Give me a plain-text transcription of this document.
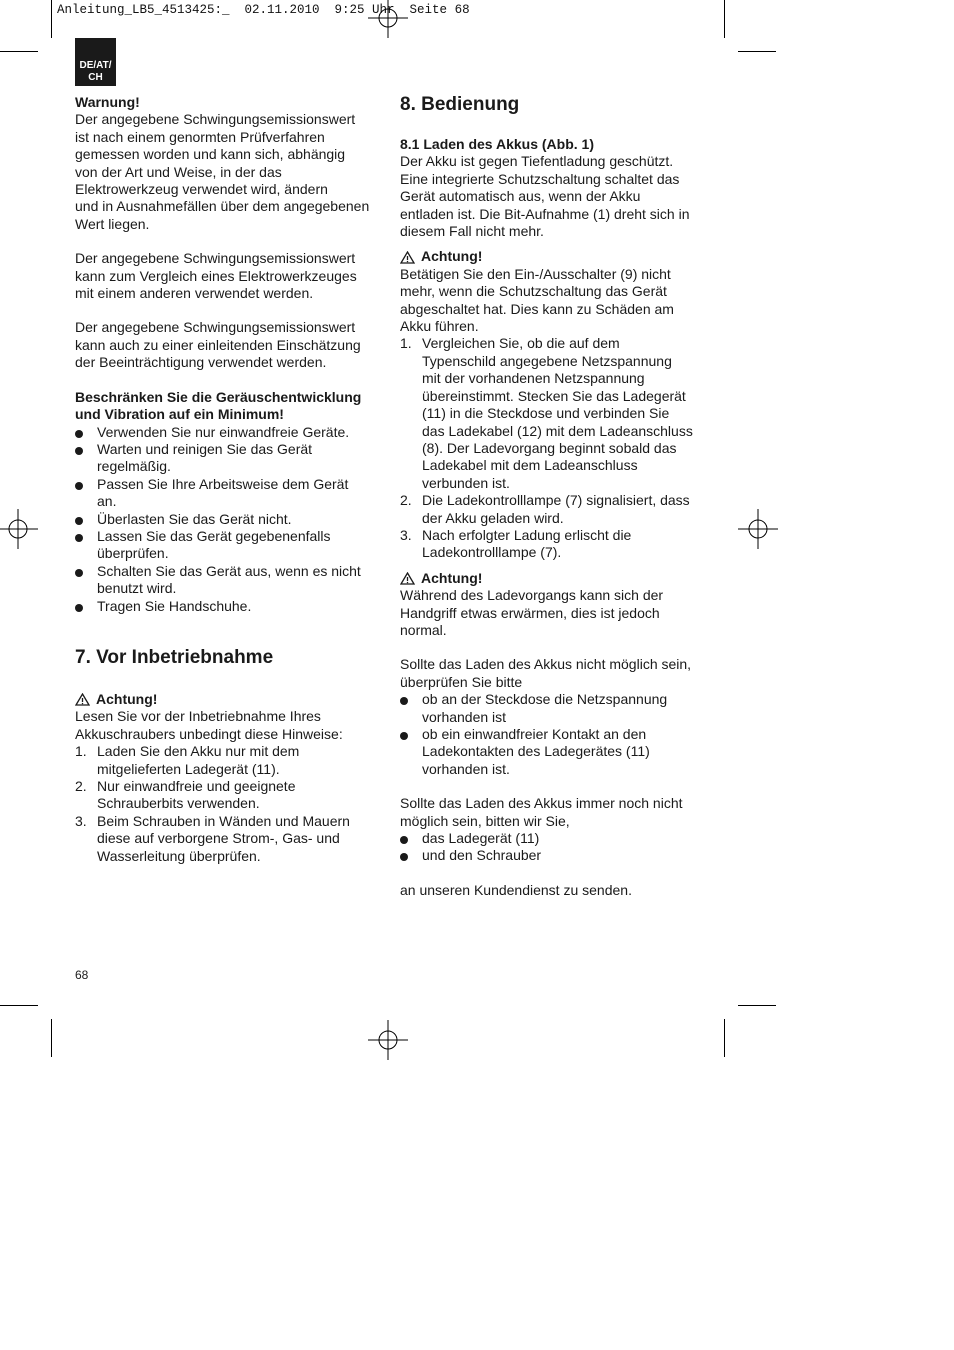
Anleitung_LB5_4513425:_  02.11.2010  9:25 Uhr  Seite 68
DE/AT/
CH

Warnung!

Der angegebene Schwingungsemissionswert
ist nach einem genormten Prüfverfahren
gemessen worden und kann sich, abhängig
von der Art und Weise, in der das
Elektrowerkzeug verwendet wird, ändern
und in Ausnahmefällen über dem angegebenen
Wert liegen.

Der angegebene Schwingungsemissionswert
kann zum Vergleich eines Elektrowerkzeuges
mit einem anderen verwendet werden.

Der angegebene Schwingungsemissionswert
kann auch zu einer einleitenden Einschätzung
der Beeinträchtigung verwendet werden.

Beschränken Sie die Geräuschentwicklung
und Vibration auf ein Minimum!

Verwenden Sie nur einwandfreie Geräte.
Warten und reinigen Sie das Gerät
regelmäßig.
Passen Sie Ihre Arbeitsweise dem Gerät
an.
Überlasten Sie das Gerät nicht.
Lassen Sie das Gerät gegebenenfalls
überprüfen.
Schalten Sie das Gerät aus, wenn es nicht
benutzt wird.
Tragen Sie Handschuhe.

7. Vor Inbetriebnahme

Achtung!

Lesen Sie vor der Inbetriebnahme Ihres
Akkuschraubers unbedingt diese Hinweise:

1. Laden Sie den Akku nur mit dem
mitgelieferten Ladegerät (11).
2. Nur einwandfreie und geeignete
Schrauberbits verwenden.
3. Beim Schrauben in Wänden und Mauern
diese auf verborgene Strom-, Gas- und
Wasserleitung überprüfen.

8. Bedienung

8.1 Laden des Akkus (Abb. 1)

Der Akku ist gegen Tiefentladung geschützt.
Eine integrierte Schutzschaltung schaltet das
Gerät automatisch aus, wenn der Akku
entladen ist. Die Bit-Aufnahme (1) dreht sich in
diesem Fall nicht mehr.

Achtung!

Betätigen Sie den Ein-/Ausschalter (9) nicht
mehr, wenn die Schutzschaltung das Gerät
abgeschaltet hat. Dies kann zu Schäden am
Akku führen.

1. Vergleichen Sie, ob die auf dem
Typenschild angegebene Netzspannung
mit der vorhandenen Netzspannung
übereinstimmt. Stecken Sie das Ladegerät
(11) in die Steckdose und verbinden Sie
das Ladekabel (12) mit dem Ladeanschluss
(8). Der Ladevorgang beginnt sobald das
Ladekabel mit dem Ladeanschluss
verbunden ist.
2. Die Ladekontrolllampe (7) signalisiert, dass
der Akku geladen wird.
3. Nach erfolgter Ladung erlischt die
Ladekontrolllampe (7).
Achtung!

Während des Ladevorgangs kann sich der
Handgriff etwas erwärmen, dies ist jedoch
normal.

Sollte das Laden des Akkus nicht möglich sein,
überprüfen Sie bitte

ob an der Steckdose die Netzspannung
vorhanden ist
ob ein einwandfreier Kontakt an den
Ladekontakten des Ladegerätes (11)
vorhanden ist.

Sollte das Laden des Akkus immer noch nicht
möglich sein, bitten wir Sie,

das Ladegerät (11)
und den Schrauber

an unseren Kundendienst zu senden.

68
